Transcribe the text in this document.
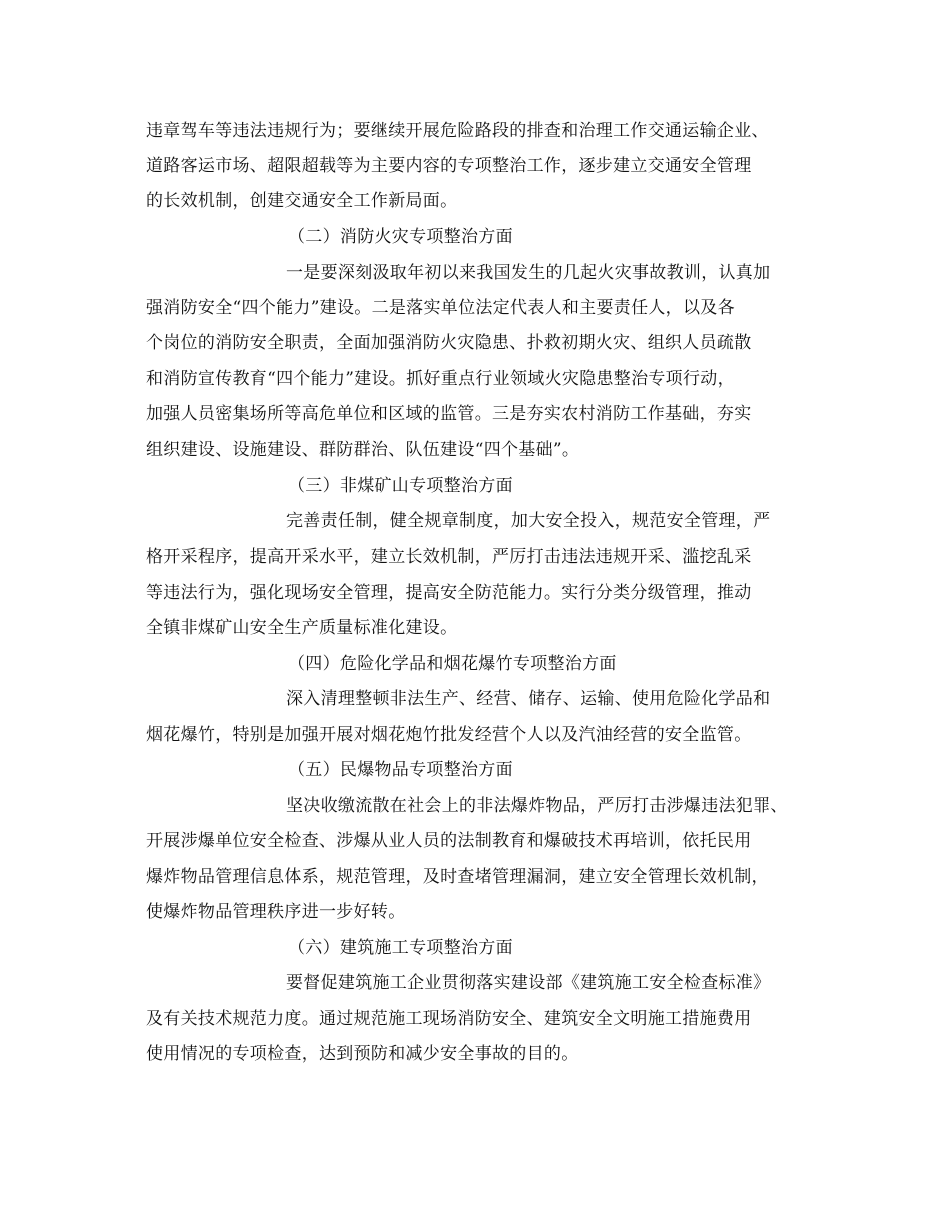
违章驾车等违法违规行为；要继续开展危险路段的排查和治理工作交通运输企业、
道路客运市场、超限超载等为主要内容的专项整治工作，逐步建立交通安全管理
的长效机制，创建交通安全工作新局面。
（二）消防火灾专项整治方面
一是要深刻汲取年初以来我国发生的几起火灾事故教训，认真加
强消防安全“四个能力”建设。二是落实单位法定代表人和主要责任人，以及各
个岗位的消防安全职责，全面加强消防火灾隐患、扑救初期火灾、组织人员疏散
和消防宣传教育“四个能力”建设。抓好重点行业领域火灾隐患整治专项行动，
加强人员密集场所等高危单位和区域的监管。三是夯实农村消防工作基础，夯实
组织建设、设施建设、群防群治、队伍建设“四个基础”。
（三）非煤矿山专项整治方面
完善责任制，健全规章制度，加大安全投入，规范安全管理，严
格开采程序，提高开采水平，建立长效机制，严厉打击违法违规开采、滥挖乱采
等违法行为，强化现场安全管理，提高安全防范能力。实行分类分级管理，推动
全镇非煤矿山安全生产质量标准化建设。
（四）危险化学品和烟花爆竹专项整治方面
深入清理整顿非法生产、经营、储存、运输、使用危险化学品和
烟花爆竹，特别是加强开展对烟花炮竹批发经营个人以及汽油经营的安全监管。
（五）民爆物品专项整治方面
坚决收缴流散在社会上的非法爆炸物品，严厉打击涉爆违法犯罪、
开展涉爆单位安全检查、涉爆从业人员的法制教育和爆破技术再培训，依托民用
爆炸物品管理信息体系，规范管理，及时查堵管理漏洞，建立安全管理长效机制，
使爆炸物品管理秩序进一步好转。
（六）建筑施工专项整治方面
要督促建筑施工企业贯彻落实建设部《建筑施工安全检查标准》
及有关技术规范力度。通过规范施工现场消防安全、建筑安全文明施工措施费用
使用情况的专项检查，达到预防和减少安全事故的目的。
